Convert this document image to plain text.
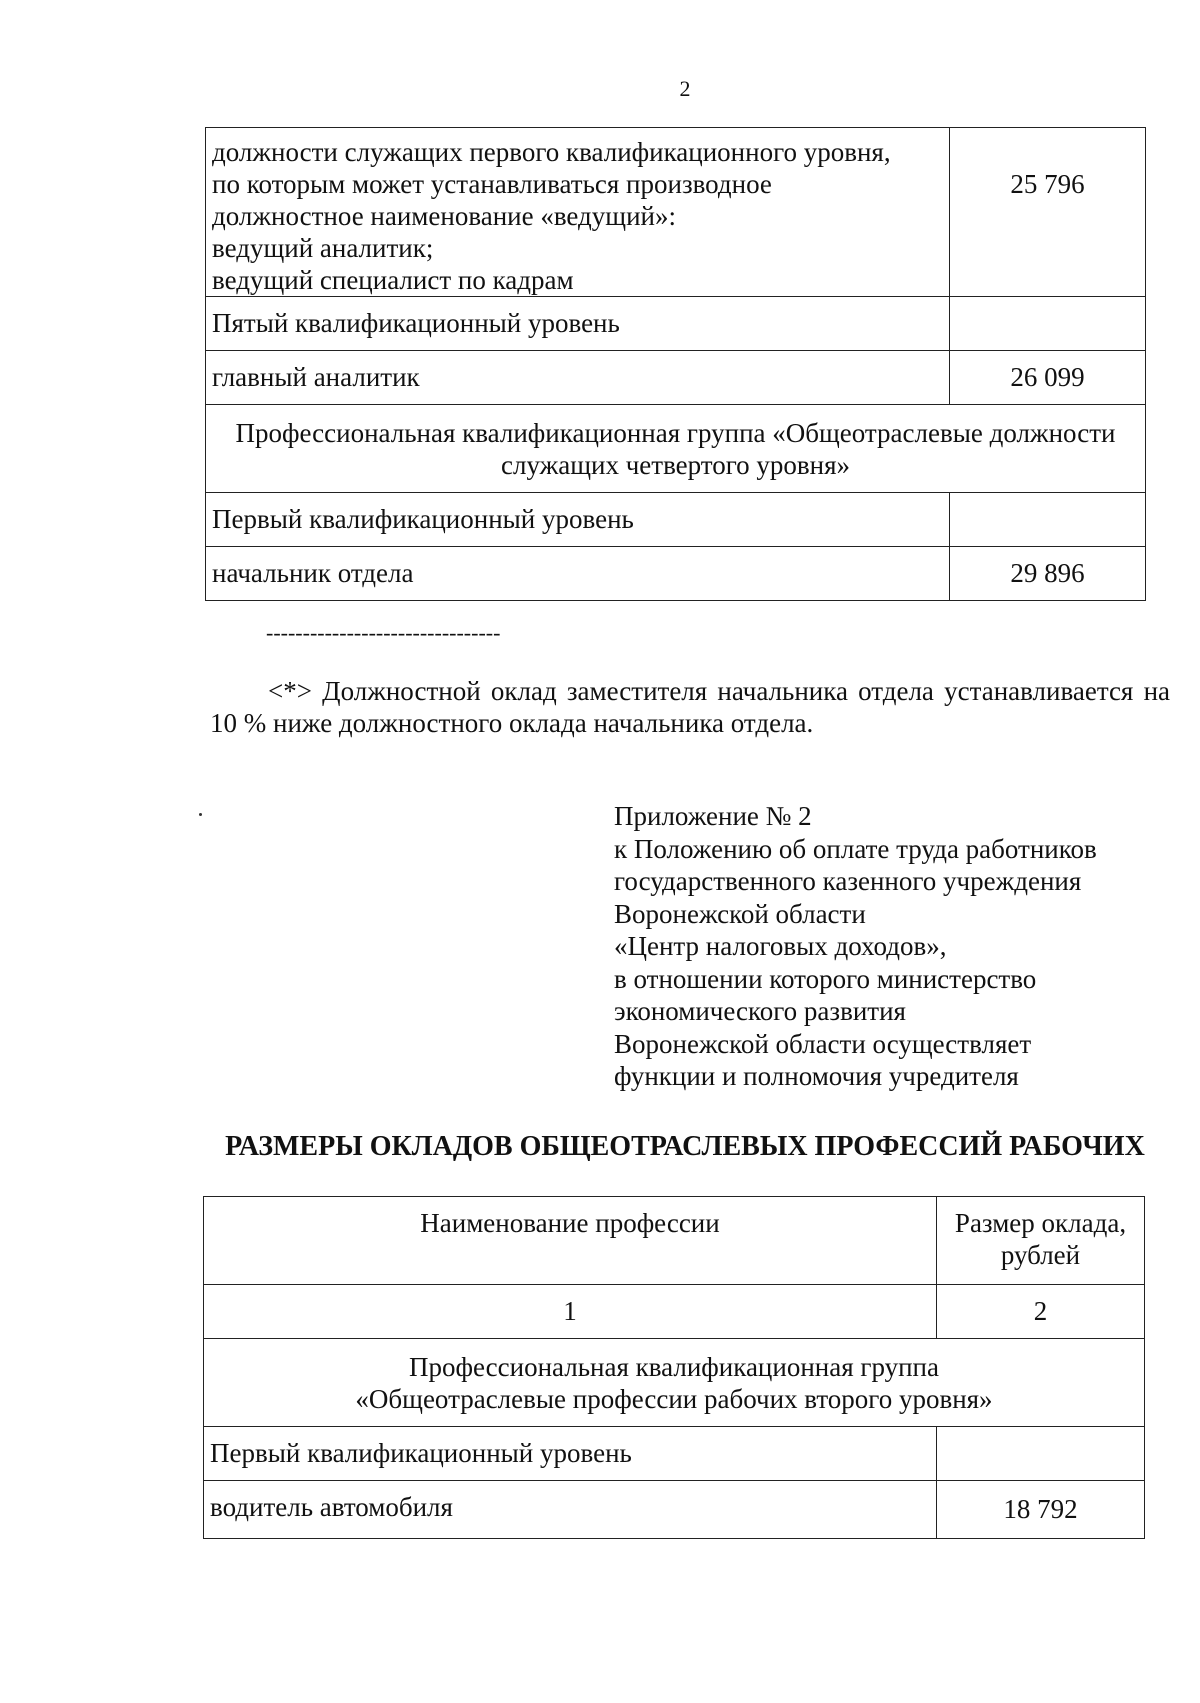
2
должности служащих первого квалификационного уровня,
по которым может устанавливаться производное
должностное наименование «ведущий»:
ведущий аналитик;
ведущий специалист по кадрам	25 796
Пятый квалификационный уровень	
главный аналитик	26 099

Профессиональная квалификационная группа «Общеотраслевые должности
служащих четвертого уровня»	

Первый квалификационный уровень	
начальник отдела	29 896
--------------------------------
<*> Должностной оклад заместителя начальника отдела устанавливается на 10 % ниже должностного оклада начальника отдела.
Приложение № 2
к Положению об оплате труда работников
государственного казенного учреждения
Воронежской области
«Центр налоговых доходов»,
в отношении которого министерство
экономического развития
Воронежской области осуществляет
функции и полномочия учредителя
РАЗМЕРЫ ОКЛАДОВ ОБЩЕОТРАСЛЕВЫХ ПРОФЕССИЙ РАБОЧИХ
Наименование профессии	Размер оклада,
рублей

1	2

Профессиональная квалификационная группа
«Общеотраслевые профессии рабочих второго уровня»	

Первый квалификационный уровень	
водитель автомобиля	18 792
